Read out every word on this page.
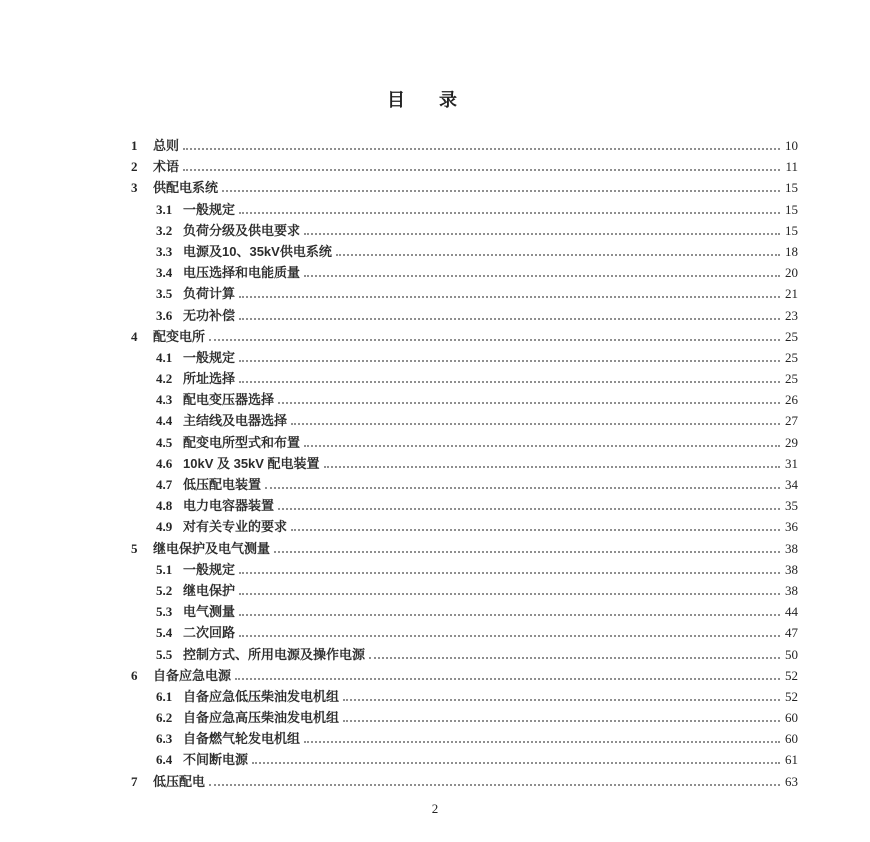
目 录
1	总则	10
2	术语	11
3	供配电系统	15
3.1 一般规定	15
3.2 负荷分级及供电要求	15
3.3 电源及10、35kV供电系统	18
3.4 电压选择和电能质量	20
3.5 负荷计算	21
3.6 无功补偿	23
4	配变电所	25
4.1 一般规定	25
4.2 所址选择	25
4.3 配电变压器选择	26
4.4 主结线及电器选择	27
4.5 配变电所型式和布置	29
4.6 10kV 及 35kV 配电装置	31
4.7 低压配电装置	34
4.8 电力电容器装置	35
4.9 对有关专业的要求	36
5	继电保护及电气测量	38
5.1 一般规定	38
5.2 继电保护	38
5.3 电气测量	44
5.4 二次回路	47
5.5 控制方式、所用电源及操作电源	50
6	自备应急电源	52
6.1 自备应急低压柴油发电机组	52
6.2 自备应急高压柴油发电机组	60
6.3 自备燃气轮发电机组	60
6.4 不间断电源	61
7	低压配电	63
2
